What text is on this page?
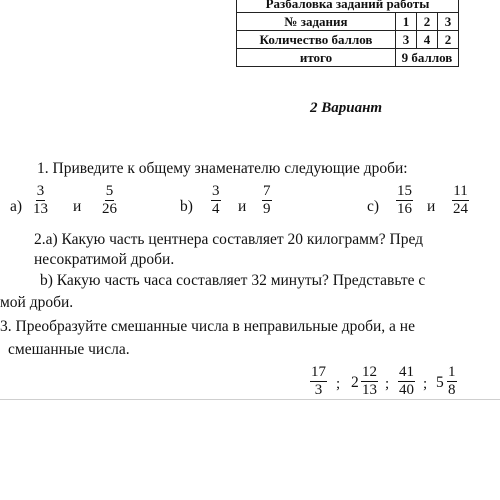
Разбаловка заданий работы			
№ задания	1	2	3
Количество баллов	3	4	2
итого	9 баллов		
2 Вариант
1. Приведите к общему знаменателю следующие дроби:
$a) \frac{3}{13}$ и $\frac{5}{26}$	$b) \frac{3}{4}$ и $\frac{7}{9}$	$c) \frac{15}{16}$ и $\frac{11}{24}$
2.а) Какую часть центнера составляет 20 килограмм? Пред
несократимой дроби.
b) Какую часть часа составляет 32 минуты? Представьте с
мой дроби.
3. Преобразуйте смешанные числа в неправильные дроби, а не
смешанные числа.
$\frac{17}{3}$ ; $2 \frac{12}{13}$ ; $\frac{41}{40}$ ; $5 \frac{1}{8}$
